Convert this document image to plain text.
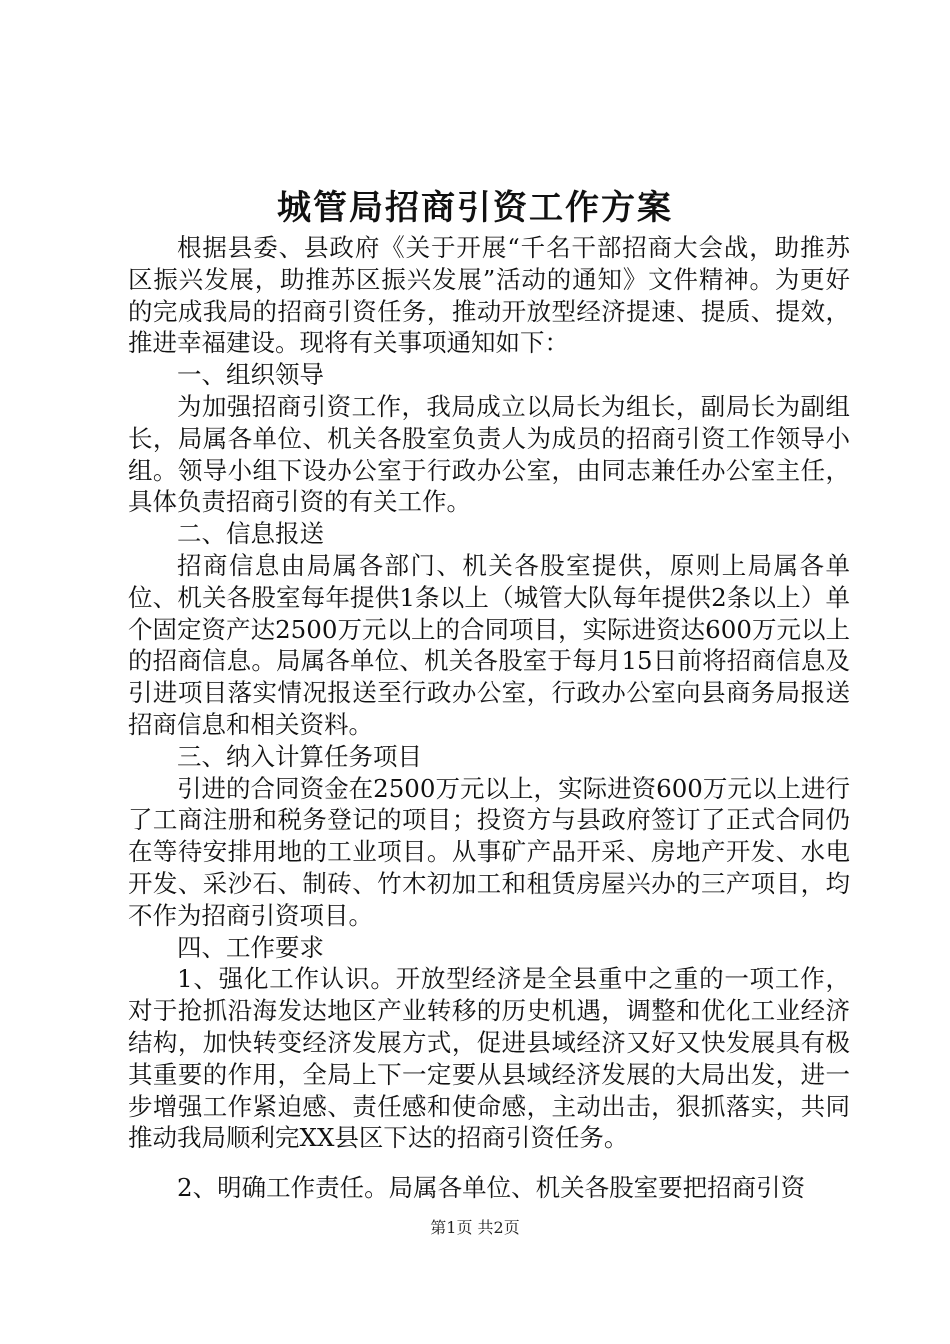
城管局招商引资工作方案

根据县委、县政府《关于开展“千名干部招商大会战，助推苏区振兴发展，助推苏区振兴发展”活动的通知》文件精神。为更好的完成我局的招商引资任务，推动开放型经济提速、提质、提效，推进幸福建设。现将有关事项通知如下：

一、组织领导

为加强招商引资工作，我局成立以局长为组长，副局长为副组长，局属各单位、机关各股室负责人为成员的招商引资工作领导小组。领导小组下设办公室于行政办公室，由同志兼任办公室主任，具体负责招商引资的有关工作。

二、信息报送

招商信息由局属各部门、机关各股室提供，原则上局属各单位、机关各股室每年提供1条以上（城管大队每年提供2条以上）单个固定资产达2500万元以上的合同项目，实际进资达600万元以上的招商信息。局属各单位、机关各股室于每月15日前将招商信息及引进项目落实情况报送至行政办公室，行政办公室向县商务局报送招商信息和相关资料。

三、纳入计算任务项目

引进的合同资金在2500万元以上，实际进资600万元以上进行了工商注册和税务登记的项目；投资方与县政府签订了正式合同仍在等待安排用地的工业项目。从事矿产品开采、房地产开发、水电开发、采沙石、制砖、竹木初加工和租赁房屋兴办的三产项目，均不作为招商引资项目。

四、工作要求

1、强化工作认识。开放型经济是全县重中之重的一项工作，对于抢抓沿海发达地区产业转移的历史机遇，调整和优化工业经济结构，加快转变经济发展方式，促进县域经济又好又快发展具有极其重要的作用，全局上下一定要从县域经济发展的大局出发，进一步增强工作紧迫感、责任感和使命感，主动出击，狠抓落实，共同推动我局顺利完XX县区下达的招商引资任务。

2、明确工作责任。局属各单位、机关各股室要把招商引资

第1页 共2页
